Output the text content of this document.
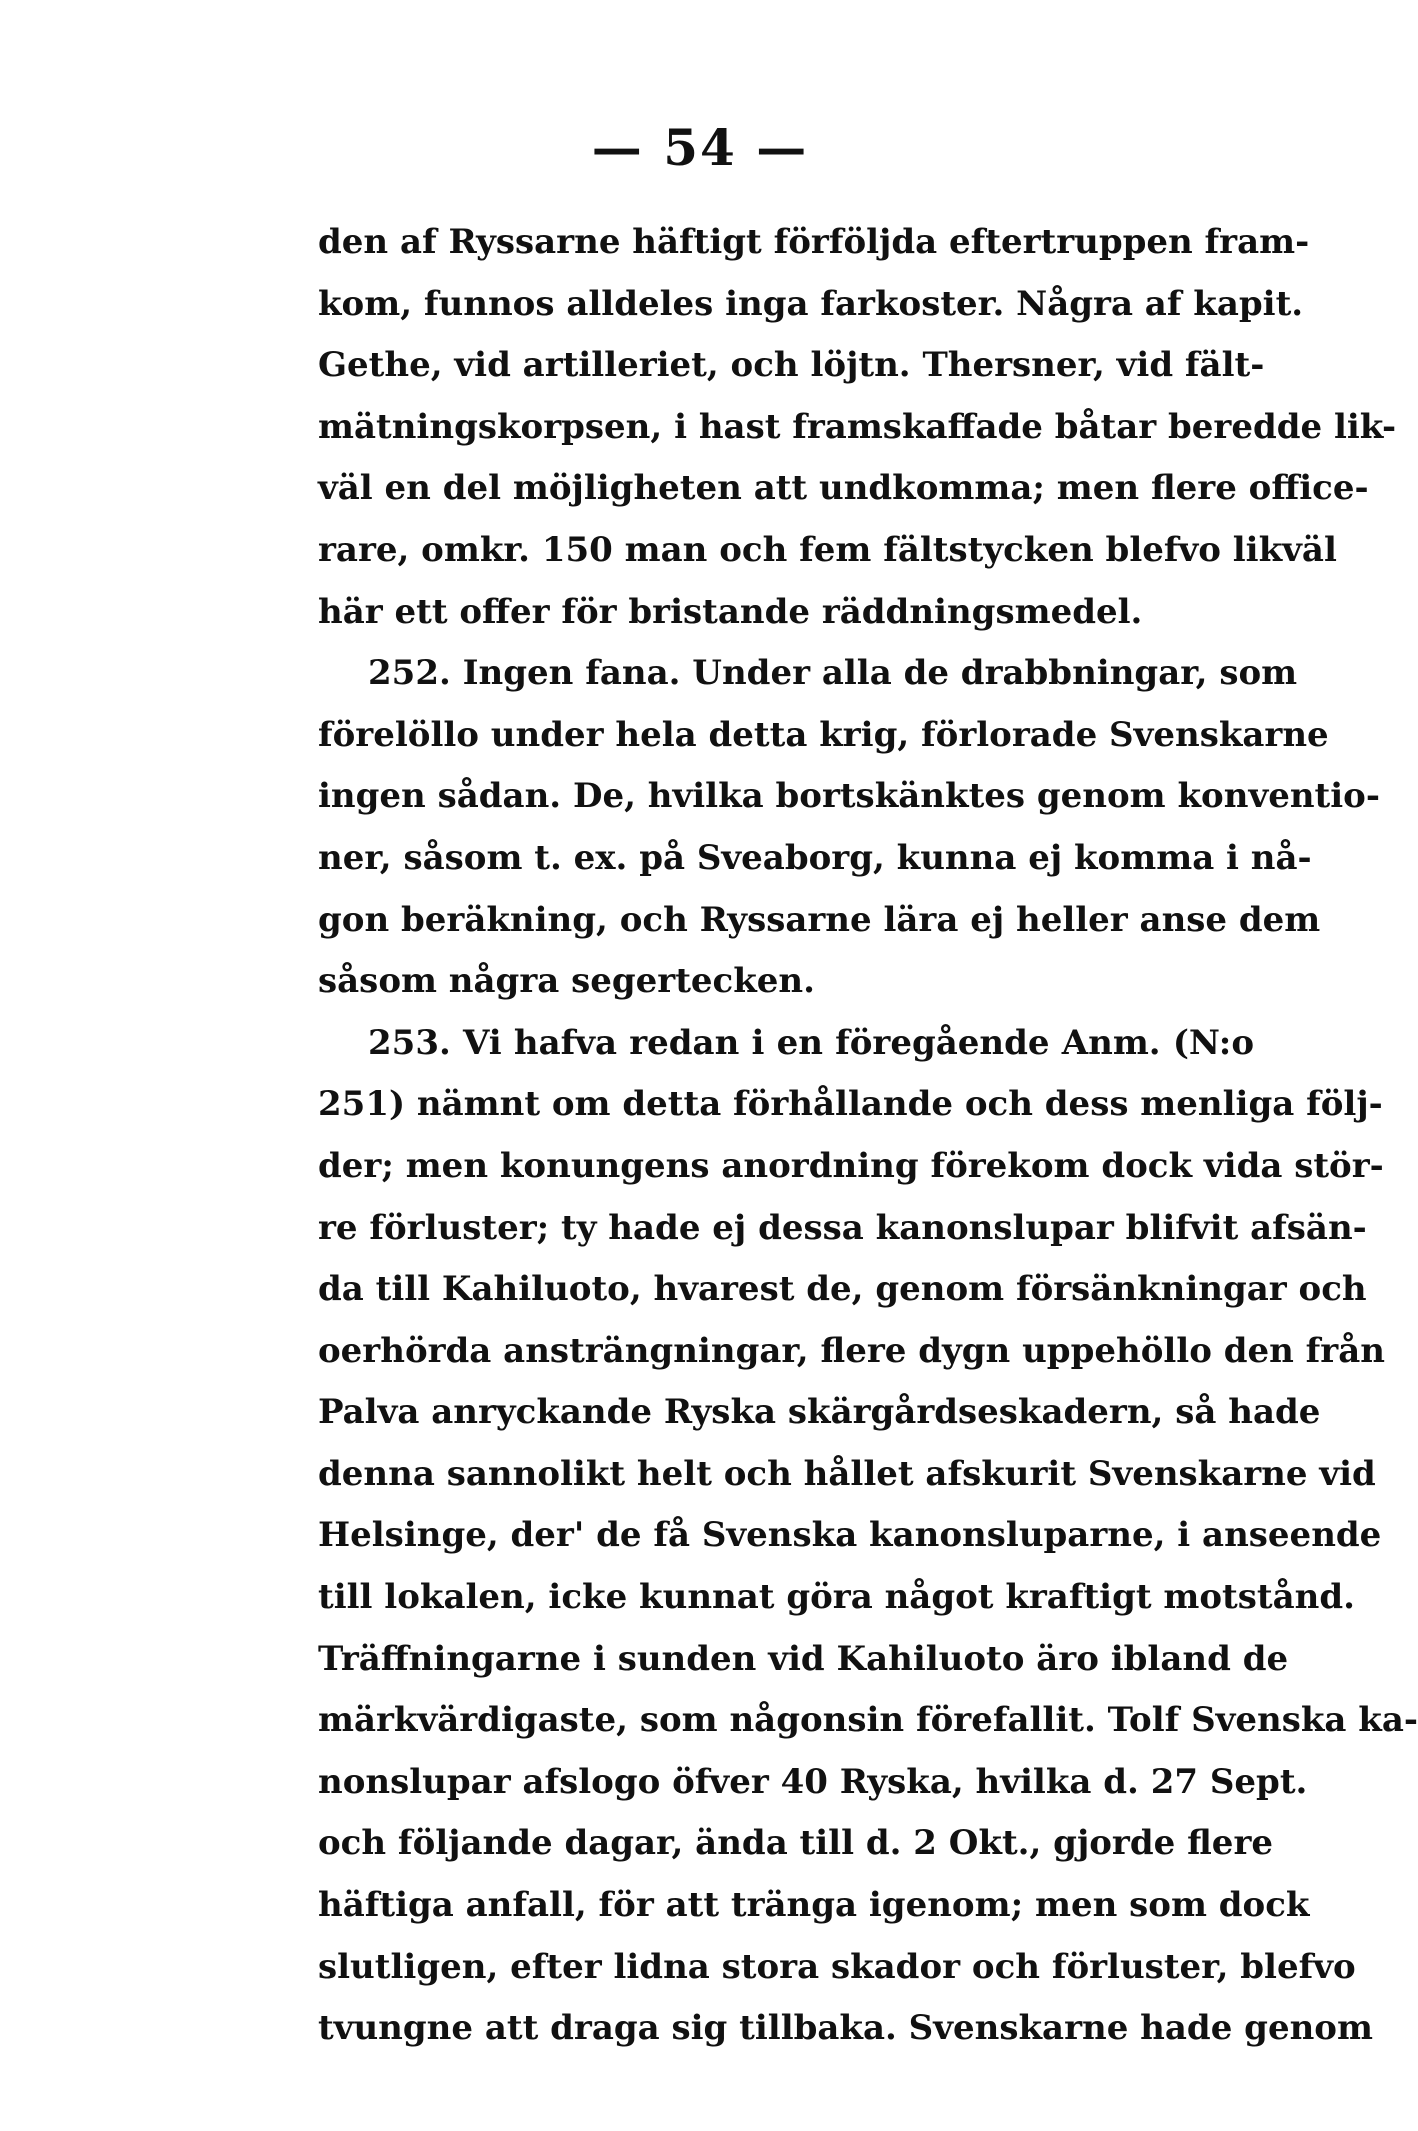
— 54 —
den af Ryssarne häftigt förföljda eftertruppen fram-
kom, funnos alldeles inga farkoster. Några af kapit.
Gethe, vid artilleriet, och löjtn. Thersner, vid fält-
mätningskorpsen, i hast framskaffade båtar beredde lik-
väl en del möjligheten att undkomma; men flere office-
rare, omkr. 150 man och fem fältstycken blefvo likväl
här ett offer för bristande räddningsmedel.
252. Ingen fana. Under alla de drabbningar, som
förelöllo under hela detta krig, förlorade Svenskarne
ingen sådan. De, hvilka bortskänktes genom konventio-
ner, såsom t. ex. på Sveaborg, kunna ej komma i nå-
gon beräkning, och Ryssarne lära ej heller anse dem
såsom några segertecken.
253. Vi hafva redan i en föregående Anm. (N:o
251) nämnt om detta förhållande och dess menliga följ-
der; men konungens anordning förekom dock vida stör-
re förluster; ty hade ej dessa kanonslupar blifvit afsän-
da till Kahiluoto, hvarest de, genom försänkningar och
oerhörda ansträngningar, flere dygn uppehöllo den från
Palva anryckande Ryska skärgårdseskadern, så hade
denna sannolikt helt och hållet afskurit Svenskarne vid
Helsinge, der' de få Svenska kanonsluparne, i anseende
till lokalen, icke kunnat göra något kraftigt motstånd.
Träffningarne i sunden vid Kahiluoto äro ibland de
märkvärdigaste, som någonsin förefallit. Tolf Svenska ka-
nonslupar afslogo öfver 40 Ryska, hvilka d. 27 Sept.
och följande dagar, ända till d. 2 Okt., gjorde flere
häftiga anfall, för att tränga igenom; men som dock
slutligen, efter lidna stora skador och förluster, blefvo
tvungne att draga sig tillbaka. Svenskarne hade genom
